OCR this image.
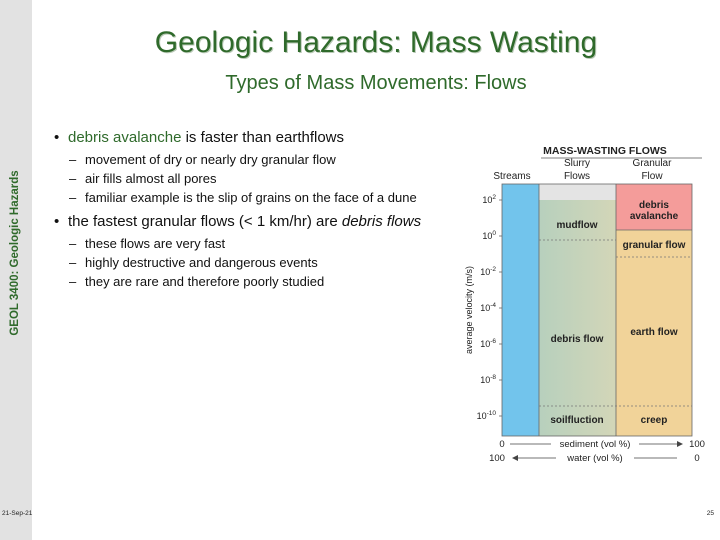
GEOL 3400: Geologic Hazards
21-Sep-21	25
Geologic Hazards: Mass Wasting
Types of Mass Movements: Flows
• debris avalanche is faster than earthflows
– movement of dry or nearly dry granular flow
– air fills almost all pores
– familiar example is the slip of grains on the face of a dune
• the fastest granular flows (< 1 km/hr) are debris flows
– these flows are very fast
– highly destructive and dangerous events
– they are rare and therefore poorly studied
MASS-WASTING FLOWS
Streams
Slurry
Flows
Granular
Flow
mudflow
debris
avalanche
granular flow
debris flow
earth flow
soilfluction	creep
average velocity (m/s)
$10^2$
$10^0$
$10^{-2}$
$10^{-4}$
$10^{-6}$
$10^{-8}$
$10^{-10}$
0	sediment (vol %)	100
100	water (vol %)	0
